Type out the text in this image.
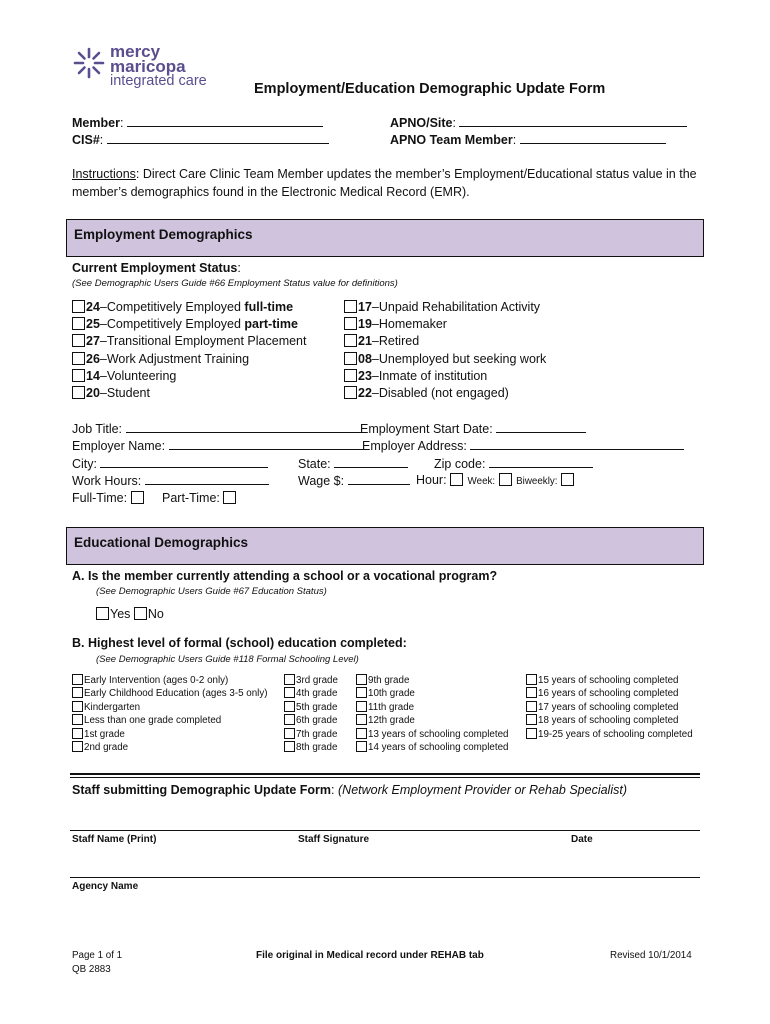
mercy
maricopa
integrated care	Employment/Education Demographic Update Form
Member:
CIS#:
APNO/Site:
APNO Team Member:
Instructions: Direct Care Clinic Team Member updates the member’s Employment/Educational status value in the member’s demographics found in the Electronic Medical Record (EMR).
Employment Demographics
Current Employment Status:
(See Demographic Users Guide #66 Employment Status value for definitions)
24–Competitively Employed full-time
25–Competitively Employed part-time
27–Transitional Employment Placement
26–Work Adjustment Training
14–Volunteering
20–Student
17–Unpaid Rehabilitation Activity
19–Homemaker
21–Retired
08–Unemployed but seeking work
23–Inmate of institution
22–Disabled (not engaged)
Job Title:	Employment Start Date:
Employer Name:	Employer Address:
City:	State:	Zip code:
Work Hours:	Wage $:	Hour: Week: Biweekly:
Full-Time:	Part-Time:
Educational Demographics
A. Is the member currently attending a school or a vocational program?
(See Demographic Users Guide #67 Education Status)
Yes No
B. Highest level of formal (school) education completed:
(See Demographic Users Guide #118 Formal Schooling Level)
Early Intervention (ages 0-2 only)
Early Childhood Education (ages 3-5 only)
Kindergarten
Less than one grade completed
1st grade
2nd grade
3rd grade
4th grade
5th grade
6th grade
7th grade
8th grade
9th grade
10th grade
11th grade
12th grade
13 years of schooling completed
14 years of schooling completed
15 years of schooling completed
16 years of schooling completed
17 years of schooling completed
18 years of schooling completed
19-25 years of schooling completed
Staff submitting Demographic Update Form: (Network Employment Provider or Rehab Specialist)
Staff Name (Print)	Staff Signature	Date
Agency Name
Page 1 of 1
QB 2883
File original in Medical record under REHAB tab	Revised 10/1/2014
